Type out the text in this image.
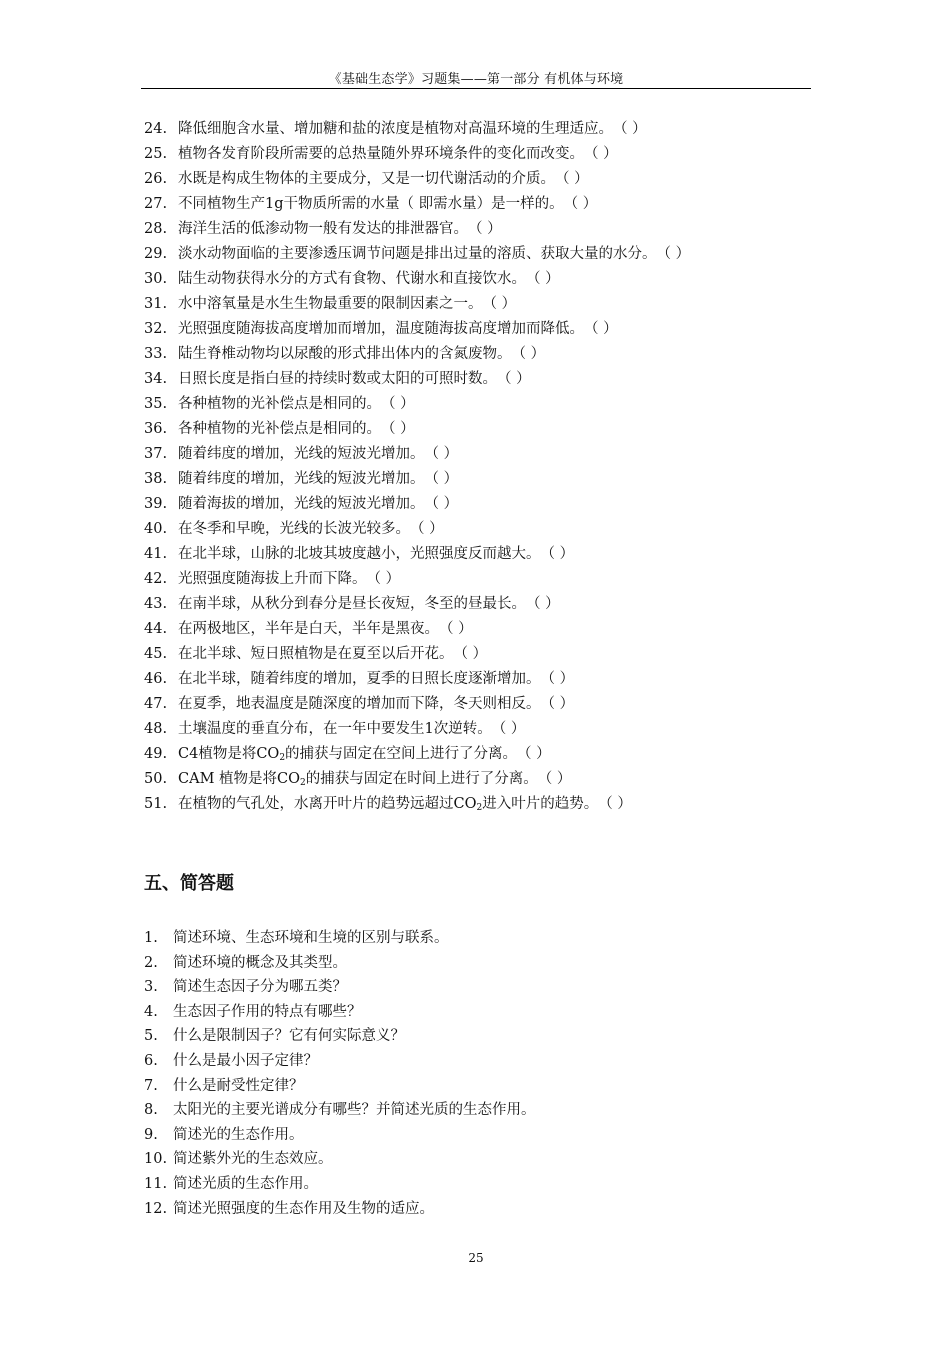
《基础生态学》习题集——第一部分 有机体与环境
24. 降低细胞含水量、增加糖和盐的浓度是植物对高温环境的生理适应。（ ）
25. 植物各发育阶段所需要的总热量随外界环境条件的变化而改变。（ ）
26. 水既是构成生物体的主要成分，又是一切代谢活动的介质。（ ）
27. 不同植物生产1g干物质所需的水量（ 即需水量）是一样的。（ ）
28. 海洋生活的低渗动物一般有发达的排泄器官。（ ）
29. 淡水动物面临的主要渗透压调节问题是排出过量的溶质、获取大量的水分。（ ）
30. 陆生动物获得水分的方式有食物、代谢水和直接饮水。（ ）
31. 水中溶氧量是水生生物最重要的限制因素之一。（ ）
32. 光照强度随海拔高度增加而增加，温度随海拔高度增加而降低。（ ）
33. 陆生脊椎动物均以尿酸的形式排出体内的含氮废物。（ ）
34. 日照长度是指白昼的持续时数或太阳的可照时数。（ ）
35. 各种植物的光补偿点是相同的。（ ）
36. 各种植物的光补偿点是相同的。（ ）
37. 随着纬度的增加，光线的短波光增加。（ ）
38. 随着纬度的增加，光线的短波光增加。（ ）
39. 随着海拔的增加，光线的短波光增加。（ ）
40. 在冬季和早晚，光线的长波光较多。（ ）
41. 在北半球，山脉的北坡其坡度越小，光照强度反而越大。（ ）
42. 光照强度随海拔上升而下降。（ ）
43. 在南半球，从秋分到春分是昼长夜短，冬至的昼最长。（ ）
44. 在两极地区，半年是白天，半年是黑夜。（ ）
45. 在北半球、短日照植物是在夏至以后开花。（ ）
46. 在北半球，随着纬度的增加，夏季的日照长度逐渐增加。（ ）
47. 在夏季，地表温度是随深度的增加而下降，冬天则相反。（ ）
48. 土壤温度的垂直分布，在一年中要发生1次逆转。（ ）
49. C4植物是将$CO_2$的捕获与固定在空间上进行了分离。（ ）
50. CAM 植物是将$CO_2$的捕获与固定在时间上进行了分离。（ ）
51. 在植物的气孔处，水离开叶片的趋势远超过$CO_2$进入叶片的趋势。（ ）
五、简答题
1. 简述环境、生态环境和生境的区别与联系。
2. 简述环境的概念及其类型。
3. 简述生态因子分为哪五类？
4. 生态因子作用的特点有哪些？
5. 什么是限制因子？它有何实际意义？
6. 什么是最小因子定律？
7. 什么是耐受性定律？
8. 太阳光的主要光谱成分有哪些？并简述光质的生态作用。
9. 简述光的生态作用。
10. 简述紫外光的生态效应。
11. 简述光质的生态作用。
12. 简述光照强度的生态作用及生物的适应。
25
